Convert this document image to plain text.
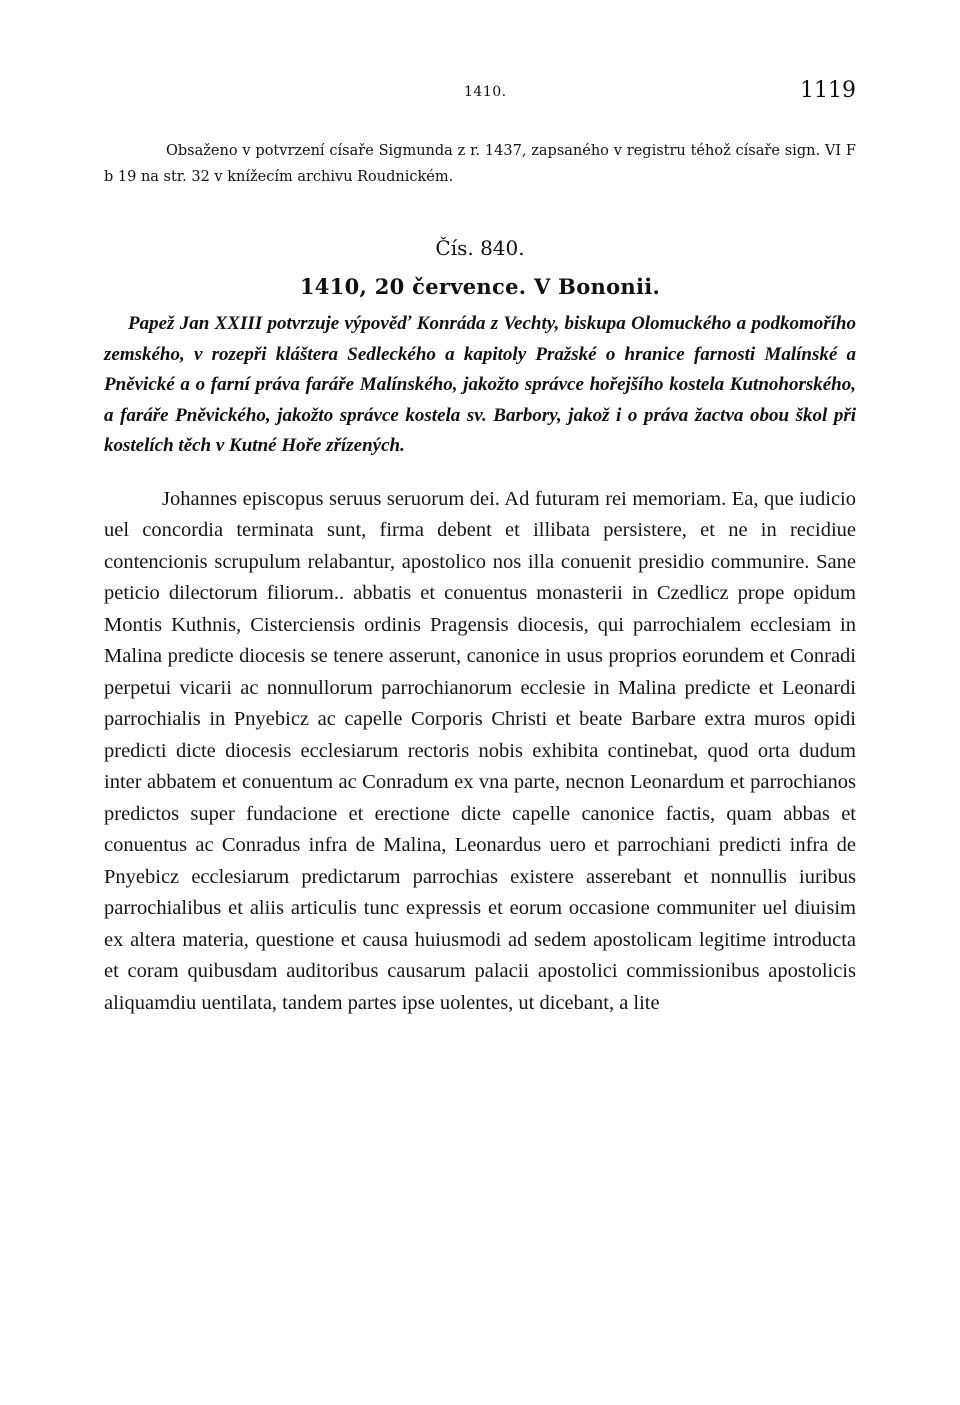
1410.	1119

Obsaženo v potvrzení císaře Sigmunda z r. 1437, zapsaného v registru téhož císaře sign. VI F b 19 na str. 32 v knížecím archivu Roudnickém.

Čís. 840.
1410, 20 července. V Bononii.

Papež Jan XXIII potvrzuje výpověď Konráda z Vechty, biskupa Olomuckého a podkomořího zemského, v rozepři kláštera Sedleckého a kapitoly Pražské o hranice farnosti Malínské a Pněvické a o farní práva faráře Malínského, jakožto správce hořejšího kostela Kutnohorského, a faráře Pněvického, jakožto správce kostela sv. Barbory, jakož i o práva žactva obou škol při kostelích těch v Kutné Hoře zřízených.

Johannes episcopus seruus seruorum dei. Ad futuram rei memoriam. Ea, que iudicio uel concordia terminata sunt, firma debent et illibata persistere, et ne in recidiue contencionis scrupulum relabantur, apostolico nos illa conuenit presidio communire. Sane peticio dilectorum filiorum.. abbatis et conuentus monasterii in Czedlicz prope opidum Montis Kuthnis, Cisterciensis ordinis Pragensis diocesis, qui parrochialem ecclesiam in Malina predicte diocesis se tenere asserunt, canonice in usus proprios eorundem et Conradi perpetui vicarii ac nonnullorum parrochianorum ecclesie in Malina predicte et Leonardi parrochialis in Pnyebicz ac capelle Corporis Christi et beate Barbare extra muros opidi predicti dicte diocesis ecclesiarum rectoris nobis exhibita continebat, quod orta dudum inter abbatem et conuentum ac Conradum ex vna parte, necnon Leonardum et parrochianos predictos super fundacione et erectione dicte capelle canonice factis, quam abbas et conuentus ac Conradus infra de Malina, Leonardus uero et parrochiani predicti infra de Pnyebicz ecclesiarum predictarum parrochias existere asserebant et nonnullis iuribus parrochialibus et aliis articulis tunc expressis et eorum occasione communiter uel diuisim ex altera materia, questione et causa huiusmodi ad sedem apostolicam legitime introducta et coram quibusdam auditoribus causarum palacii apostolici commissionibus apostolicis aliquamdiu uentilata, tandem partes ipse uolentes, ut dicebant, a lite
